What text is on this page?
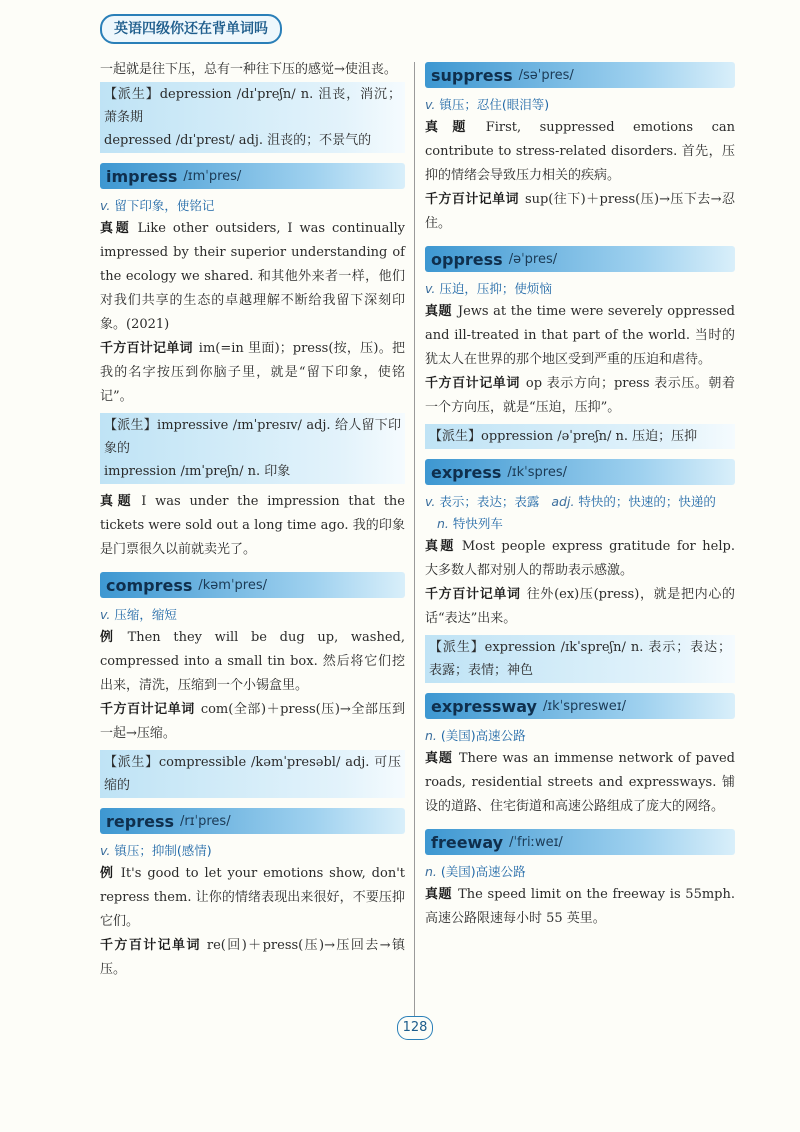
英语四级你还在背单词吗

一起就是往下压，总有一种往下压的感觉→使沮丧。

【派生】depression /dɪˈpreʃn/ n. 沮丧，消沉；萧条期

depressed /dɪˈprest/ adj. 沮丧的；不景气的

impress /ɪmˈpres/
v. 留下印象，使铭记

真题 Like other outsiders, I was continually impressed by their superior understanding of the ecology we shared. 和其他外来者一样，他们对我们共享的生态的卓越理解不断给我留下深刻印象。(2021)

千方百计记单词 im(=in 里面)；press(按，压)。把我的名字按压到你脑子里，就是“留下印象，使铭记”。

【派生】impressive /ɪmˈpresɪv/ adj. 给人留下印象的

impression /ɪmˈpreʃn/ n. 印象

真题 I was under the impression that the tickets were sold out a long time ago. 我的印象是门票很久以前就卖光了。

compress /kəmˈpres/
v. 压缩，缩短

例 Then they will be dug up, washed, compressed into a small tin box. 然后将它们挖出来，清洗，压缩到一个小锡盒里。

千方百计记单词 com(全部)＋press(压)→全部压到一起→压缩。

【派生】compressible /kəmˈpresəbl/ adj. 可压缩的

repress /rɪˈpres/
v. 镇压；抑制(感情)

例 It's good to let your emotions show, don't repress them. 让你的情绪表现出来很好，不要压抑它们。

千方百计记单词 re(回)＋press(压)→压回去→镇压。

suppress /səˈpres/
v. 镇压；忍住(眼泪等)

真题 First, suppressed emotions can contribute to stress-related disorders. 首先，压抑的情绪会导致压力相关的疾病。

千方百计记单词 sup(往下)＋press(压)→压下去→忍住。

oppress /əˈpres/
v. 压迫，压抑；使烦恼

真题 Jews at the time were severely oppressed and ill-treated in that part of the world. 当时的犹太人在世界的那个地区受到严重的压迫和虐待。

千方百计记单词 op 表示方向；press 表示压。朝着一个方向压，就是“压迫，压抑”。

【派生】oppression /əˈpreʃn/ n. 压迫；压抑

express /ɪkˈspres/
v. 表示；表达；表露 adj. 特快的；快速的；快递的n. 特快列车

真题 Most people express gratitude for help. 大多数人都对别人的帮助表示感激。

千方百计记单词 往外(ex)压(press)，就是把内心的话“表达”出来。

【派生】expression /ɪkˈspreʃn/ n. 表示；表达；表露；表情；神色

expressway /ɪkˈspresweɪ/
n. (美国)高速公路

真题 There was an immense network of paved roads, residential streets and expressways. 铺设的道路、住宅街道和高速公路组成了庞大的网络。

freeway /ˈfriːweɪ/
n. (美国)高速公路

真题 The speed limit on the freeway is 55mph. 高速公路限速每小时 55 英里。

128
